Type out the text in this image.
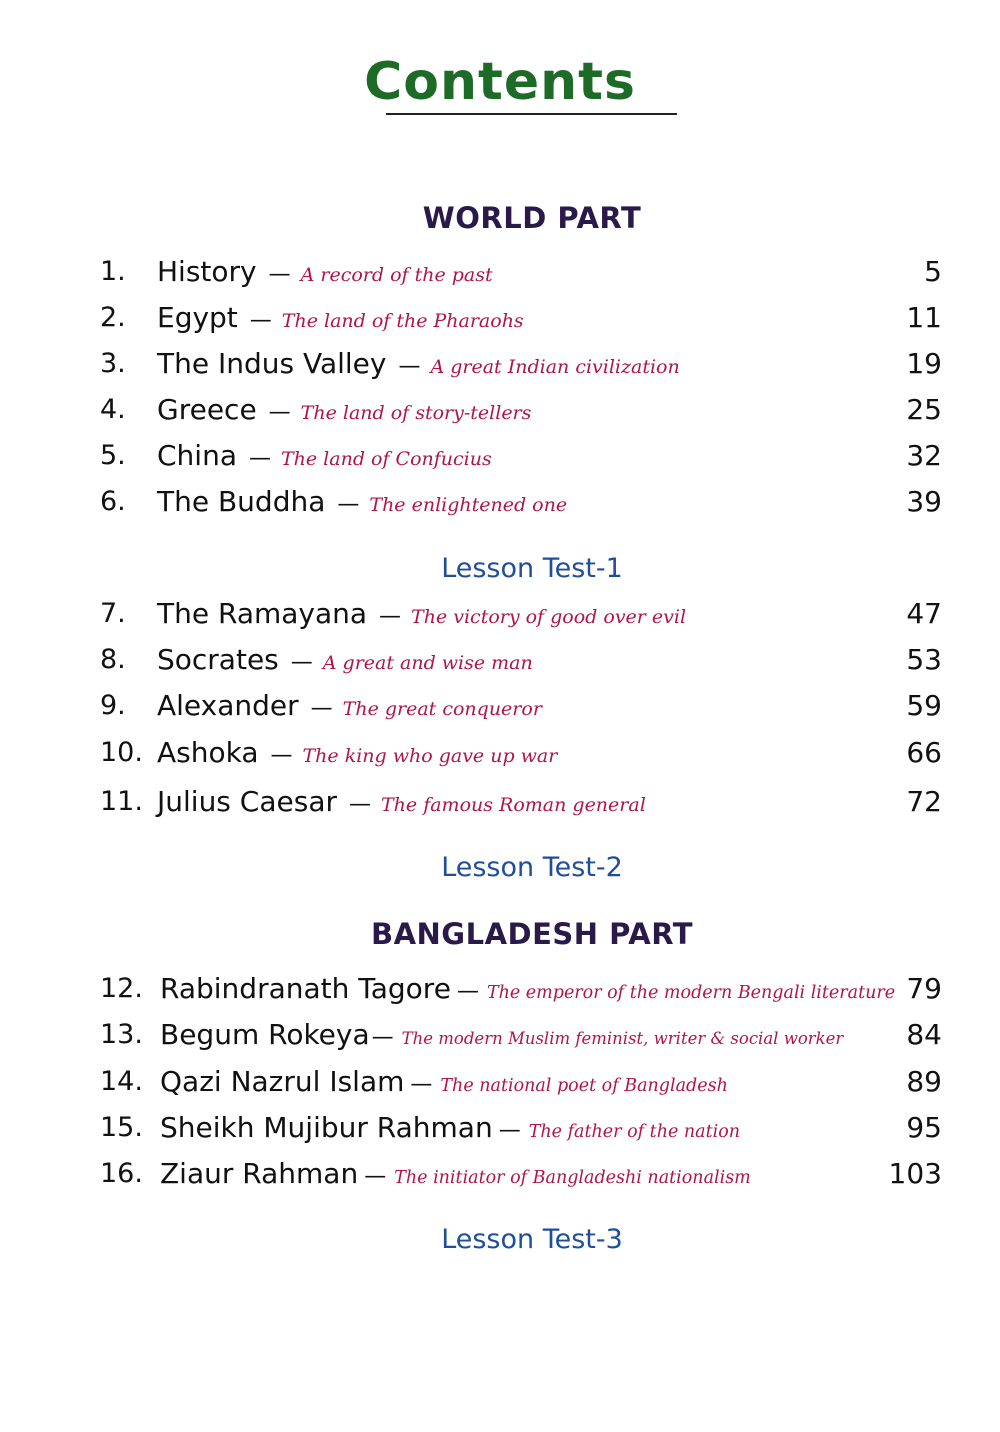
Contents
WORLD PART
1. History — A record of the past	5
2. Egypt — The land of the Pharaohs	11
3. The Indus Valley — A great Indian civilization	19
4. Greece — The land of story-tellers	25
5. China — The land of Confucius	32
6. The Buddha — The enlightened one	39
Lesson Test-1
7. The Ramayana — The victory of good over evil	47
8. Socrates — A great and wise man	53
9. Alexander — The great conqueror	59
10. Ashoka — The king who gave up war	66
11. Julius Caesar — The famous Roman general	72
Lesson Test-2
BANGLADESH PART
12. Rabindranath Tagore — The emperor of the modern Bengali literature 79
13. Begum Rokeya— The modern Muslim feminist, writer & social worker 84
14. Qazi Nazrul Islam — The national poet of Bangladesh	89
15. Sheikh Mujibur Rahman — The father of the nation	95
16. Ziaur Rahman — The initiator of Bangladeshi nationalism	103
Lesson Test-3
